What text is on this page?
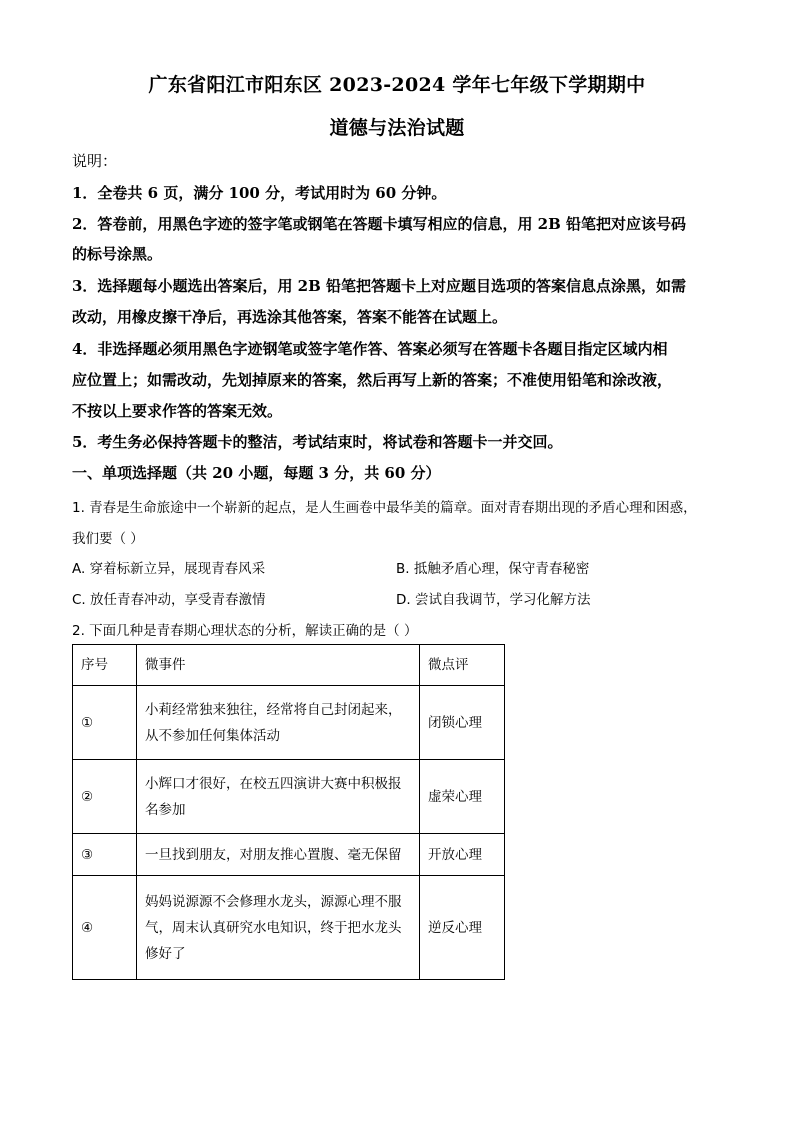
广东省阳江市阳东区 2023-2024 学年七年级下学期期中
道德与法治试题
说明：
1．全卷共 6 页，满分 100 分，考试用时为 60 分钟。
2．答卷前，用黑色字迹的签字笔或钢笔在答题卡填写相应的信息，用 2B 铅笔把对应该号码
的标号涂黑。
3．选择题每小题选出答案后，用 2B 铅笔把答题卡上对应题目选项的答案信息点涂黑，如需
改动，用橡皮擦干净后，再选涂其他答案，答案不能答在试题上。
4．非选择题必须用黑色字迹钢笔或签字笔作答、答案必须写在答题卡各题目指定区域内相
应位置上；如需改动，先划掉原来的答案，然后再写上新的答案；不准使用铅笔和涂改液，
不按以上要求作答的答案无效。
5．考生务必保持答题卡的整洁，考试结束时，将试卷和答题卡一并交回。
一、单项选择题（共 20 小题，每题 3 分，共 60 分）
1. 青春是生命旅途中一个崭新的起点，是人生画卷中最华美的篇章。面对青春期出现的矛盾心理和困惑，
我们要（ ）
A. 穿着标新立异，展现青春风采	B. 抵触矛盾心理，保守青春秘密
C. 放任青春冲动，享受青春激情	D. 尝试自我调节，学习化解方法
2. 下面几种是青春期心理状态的分析，解读正确的是（ ）
序号	微事件	微点评
①	小莉经常独来独往，经常将自己封闭起来，
从不参加任何集体活动	闭锁心理
②	小辉口才很好，在校五四演讲大赛中积极报
名参加	虚荣心理
③	一旦找到朋友，对朋友推心置腹、毫无保留	开放心理
④	妈妈说源源不会修理水龙头，源源心理不服
气，周末认真研究水电知识，终于把水龙头
修好了	逆反心理
